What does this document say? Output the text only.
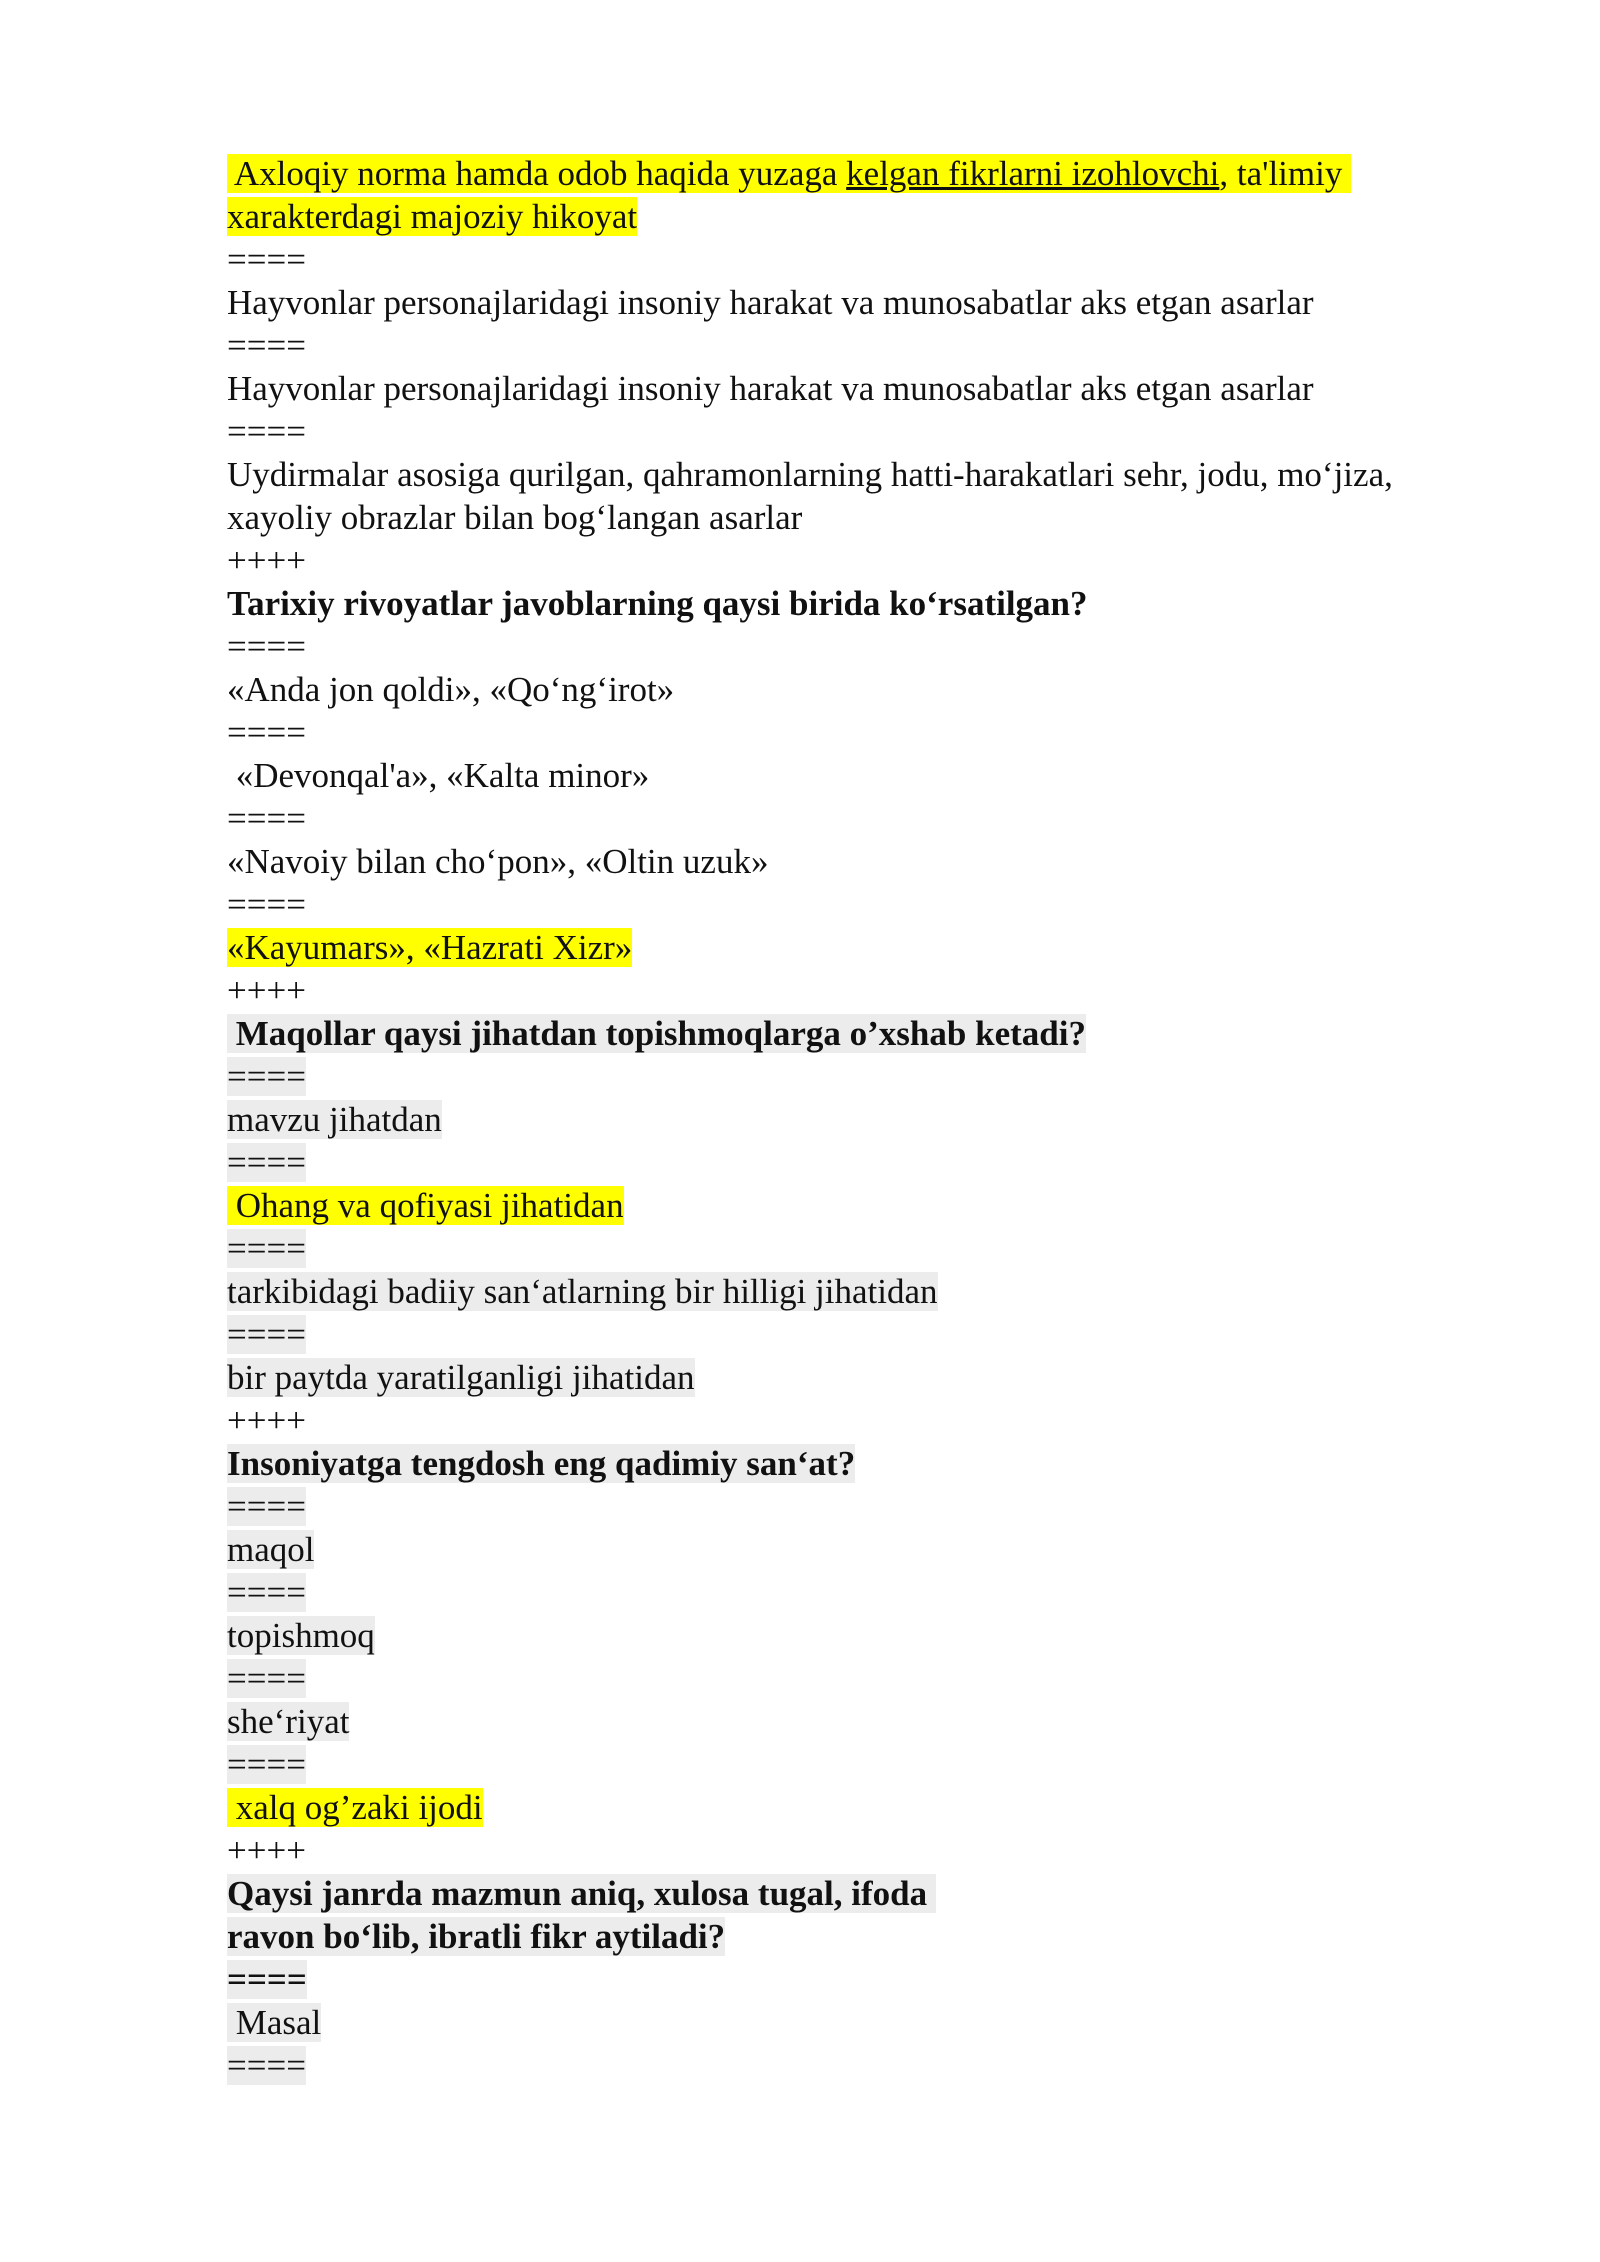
Axloqiy norma hamda odob haqida yuzaga kelgan fikrlarni izohlovchi, ta'limiy
xarakterdagi majoziy hikoyat
====
Hayvonlar personajlaridagi insoniy harakat va munosabatlar aks etgan asarlar
====
Hayvonlar personajlaridagi insoniy harakat va munosabatlar aks etgan asarlar
====
Uydirmalar asosiga qurilgan, qahramonlarning hatti-harakatlari sehr, jodu, mo‘jiza,
xayoliy obrazlar bilan bog‘langan asarlar
++++
Tarixiy rivoyatlar javoblarning qaysi birida ko‘rsatilgan?
====
«Anda jon qoldi», «Qo‘ng‘irot»
====
«Devonqal'a», «Kalta minor»
====
«Navoiy bilan cho‘pon», «Oltin uzuk»
====
«Kayumars», «Hazrati Xizr»
++++
Maqollar qaysi jihatdan topishmoqlarga o’xshab ketadi?
====
mavzu jihatdan
====
Ohang va qofiyasi jihatidan
====
tarkibidagi badiiy san‘atlarning bir hilligi jihatidan
====
bir paytda yaratilganligi jihatidan
++++
Insoniyatga tengdosh eng qadimiy san‘at?
====
maqol
====
topishmoq
====
she‘riyat
====
xalq og’zaki ijodi
++++
Qaysi janrda mazmun aniq, xulosa tugal, ifoda
ravon bo‘lib, ibratli fikr aytiladi?
====
Masal
====
